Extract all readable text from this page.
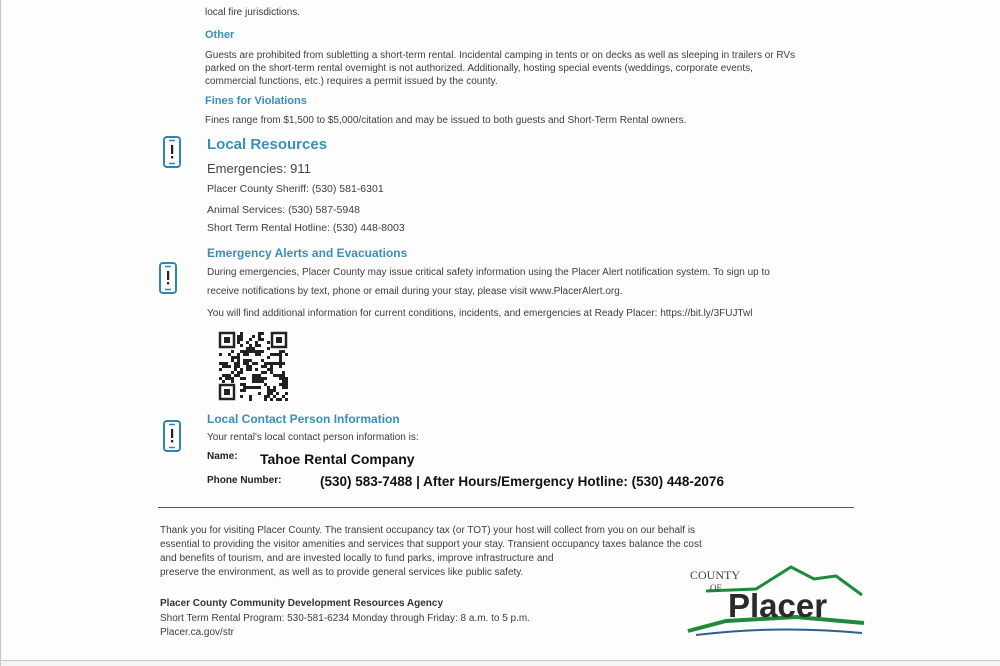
local fire jurisdictions.
Other
Guests are prohibited from subletting a short-term rental. Incidental camping in tents or on decks as well as sleeping in trailers or RVs
parked on the short-term rental overnight is not authorized. Additionally, hosting special events (weddings, corporate events,
commercial functions, etc.) requires a permit issued by the county.
Fines for Violations
Fines range from $1,500 to $5,000/citation and may be issued to both guests and Short-Term Rental owners.
Local Resources
Emergencies: 911
Placer County Sheriff: (530) 581-6301
Animal Services: (530) 587-5948
Short Term Rental Hotline: (530) 448-8003
Emergency Alerts and Evacuations
During emergencies, Placer County may issue critical safety information using the Placer Alert notification system. To sign up to
receive notifications by text, phone or email during your stay, please visit www.PlacerAlert.org.
You will find additional information for current conditions, incidents, and emergencies at Ready Placer: https://bit.ly/3FUJTwl
Local Contact Person Information
Your rental's local contact person information is:
Name: Tahoe Rental Company
Phone Number:	(530) 583-7488 | After Hours/Emergency Hotline: (530) 448-2076
Thank you for visiting Placer County. The transient occupancy tax (or TOT) your host will collect from you on our behalf is
essential to providing the visitor amenities and services that support your stay. Transient occupancy taxes balance the cost
and benefits of tourism, and are invested locally to fund parks, improve infrastructure and
preserve the environment, as well as to provide general services like public safety.
Placer County Community Development Resources Agency
Short Term Rental Program: 530-581-6234 Monday through Friday: 8 a.m. to 5 p.m.
Placer.ca.gov/str
COUNTY
OF Placer
